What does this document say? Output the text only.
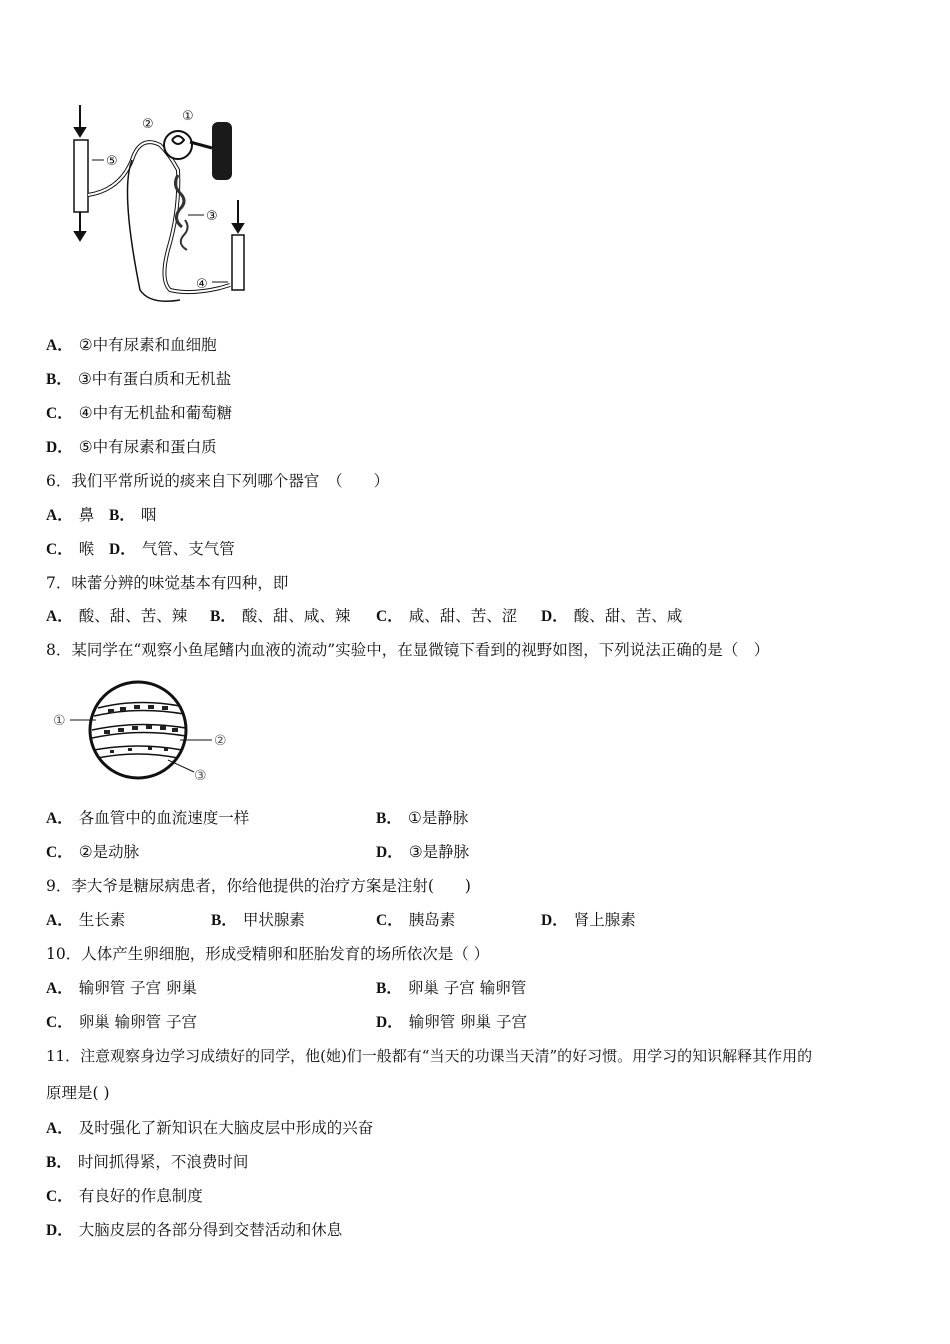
⑤
②
①
③
④
A． ②中有尿素和血细胞
B． ③中有蛋白质和无机盐
C． ④中有无机盐和葡萄糖
D． ⑤中有尿素和蛋白质
6．我们平常所说的痰来自下列哪个器官　（　　）
A． 鼻 B． 咽
C． 喉 D． 气管、支气管
7．味蕾分辨的味觉基本有四种，即
A． 酸、甜、苦、辣 B． 酸、甜、咸、辣 C． 咸、甜、苦、涩 D． 酸、甜、苦、咸
8．某同学在“观察小鱼尾鳍内血液的流动”实验中，在显微镜下看到的视野如图，下列说法正确的是（　）
①
②
③
A． 各血管中的血流速度一样	B． ①是静脉
C． ②是动脉	D． ③是静脉
9．李大爷是糖尿病患者，你给他提供的治疗方案是注射(　　)
A． 生长素	B． 甲状腺素	C． 胰岛素	D． 肾上腺素
10．人体产生卵细胞，形成受精卵和胚胎发育的场所依次是（ ）
A． 输卵管 子宫 卵巢	B． 卵巢 子宫 输卵管
C． 卵巢 输卵管 子宫	D． 输卵管 卵巢 子宫
11．注意观察身边学习成绩好的同学，他(她)们一般都有“当天的功课当天清”的好习惯。用学习的知识解释其作用的
原理是( )
A． 及时强化了新知识在大脑皮层中形成的兴奋
B． 时间抓得紧，不浪费时间
C． 有良好的作息制度
D． 大脑皮层的各部分得到交替活动和休息
